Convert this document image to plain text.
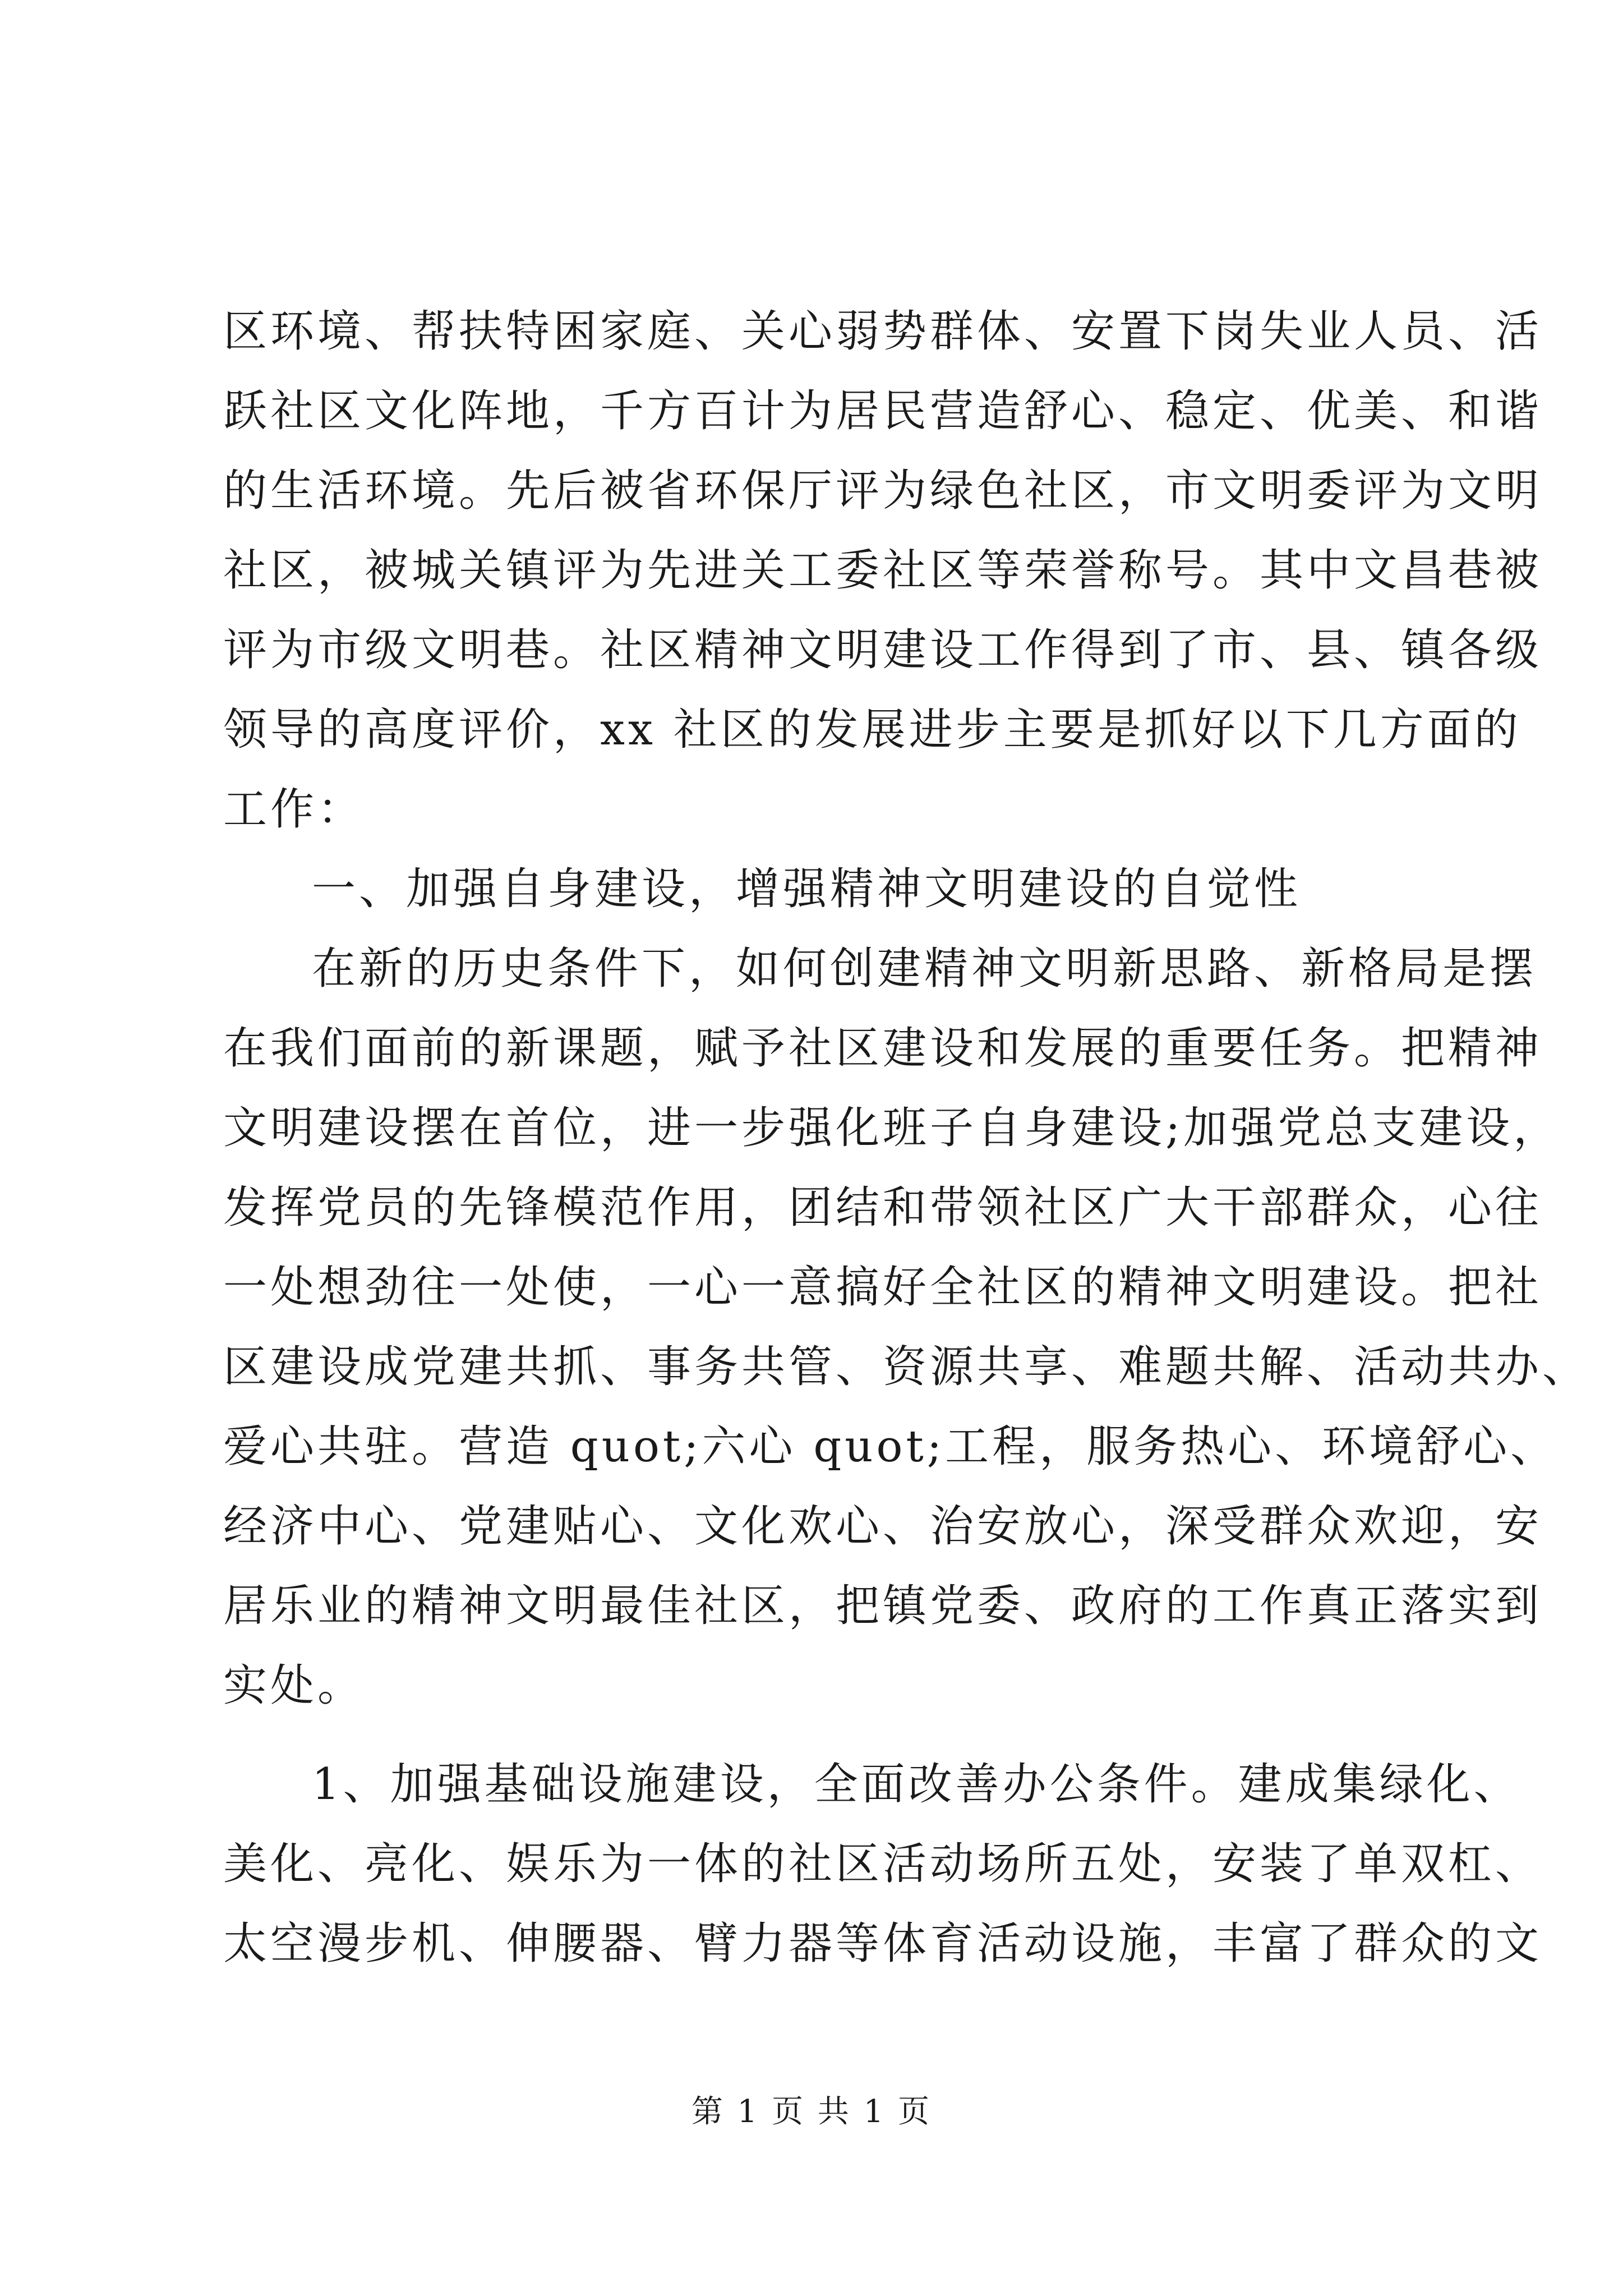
区环境、帮扶特困家庭、关心弱势群体、安置下岗失业人员、活
跃社区文化阵地，千方百计为居民营造舒心、稳定、优美、和谐
的生活环境。先后被省环保厅评为绿色社区，市文明委评为文明
社区，被城关镇评为先进关工委社区等荣誉称号。其中文昌巷被
评为市级文明巷。社区精神文明建设工作得到了市、县、镇各级
领导的高度评价，xx 社区的发展进步主要是抓好以下几方面的
工作：
一、加强自身建设，增强精神文明建设的自觉性
在新的历史条件下，如何创建精神文明新思路、新格局是摆
在我们面前的新课题，赋予社区建设和发展的重要任务。把精神
文明建设摆在首位，进一步强化班子自身建设;加强党总支建设，
发挥党员的先锋模范作用，团结和带领社区广大干部群众，心往
一处想劲往一处使，一心一意搞好全社区的精神文明建设。把社
区建设成党建共抓、事务共管、资源共享、难题共解、活动共办、
爱心共驻。营造 quot;六心 quot;工程，服务热心、环境舒心、
经济中心、党建贴心、文化欢心、治安放心，深受群众欢迎，安
居乐业的精神文明最佳社区，把镇党委、政府的工作真正落实到
实处。
1、加强基础设施建设，全面改善办公条件。建成集绿化、
美化、亮化、娱乐为一体的社区活动场所五处，安装了单双杠、
太空漫步机、伸腰器、臂力器等体育活动设施，丰富了群众的文
第 1 页 共 1 页
